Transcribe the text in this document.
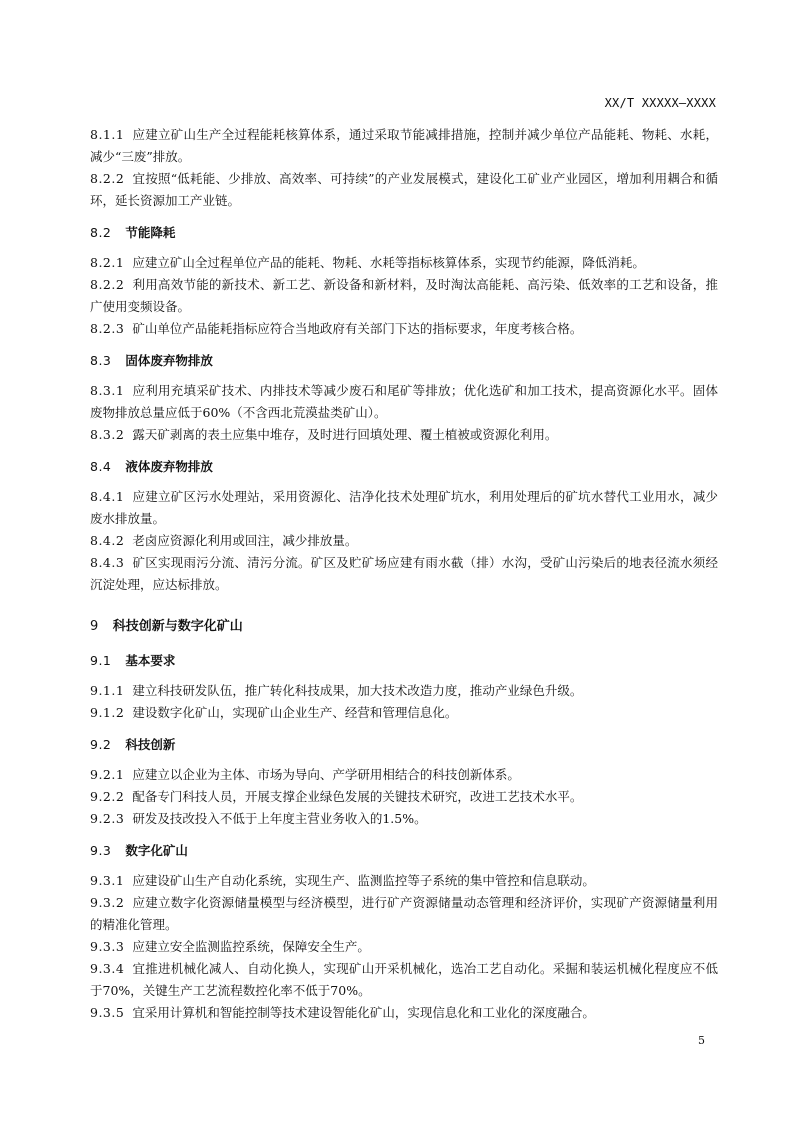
XX/T XXXXX—XXXX

8.1.1 应建立矿山生产全过程能耗核算体系，通过采取节能减排措施，控制并减少单位产品能耗、物耗、水耗，减少“三废”排放。

8.2.2 宜按照“低耗能、少排放、高效率、可持续”的产业发展模式，建设化工矿业产业园区，增加利用耦合和循环，延长资源加工产业链。

8.2 节能降耗

8.2.1 应建立矿山全过程单位产品的能耗、物耗、水耗等指标核算体系，实现节约能源，降低消耗。

8.2.2 利用高效节能的新技术、新工艺、新设备和新材料，及时淘汰高能耗、高污染、低效率的工艺和设备，推广使用变频设备。

8.2.3 矿山单位产品能耗指标应符合当地政府有关部门下达的指标要求，年度考核合格。

8.3 固体废弃物排放

8.3.1 应利用充填采矿技术、内排技术等减少废石和尾矿等排放；优化选矿和加工技术，提高资源化水平。固体废物排放总量应低于60%（不含西北荒漠盐类矿山）。

8.3.2 露天矿剥离的表土应集中堆存，及时进行回填处理、覆土植被或资源化利用。

8.4 液体废弃物排放

8.4.1 应建立矿区污水处理站，采用资源化、洁净化技术处理矿坑水，利用处理后的矿坑水替代工业用水，减少废水排放量。

8.4.2 老卤应资源化利用或回注，减少排放量。

8.4.3 矿区实现雨污分流、清污分流。矿区及贮矿场应建有雨水截（排）水沟，受矿山污染后的地表径流水须经沉淀处理，应达标排放。

9 科技创新与数字化矿山

9.1 基本要求

9.1.1 建立科技研发队伍，推广转化科技成果，加大技术改造力度，推动产业绿色升级。

9.1.2 建设数字化矿山，实现矿山企业生产、经营和管理信息化。

9.2 科技创新

9.2.1 应建立以企业为主体、市场为导向、产学研用相结合的科技创新体系。

9.2.2 配备专门科技人员，开展支撑企业绿色发展的关键技术研究，改进工艺技术水平。

9.2.3 研发及技改投入不低于上年度主营业务收入的1.5%。

9.3 数字化矿山

9.3.1 应建设矿山生产自动化系统，实现生产、监测监控等子系统的集中管控和信息联动。

9.3.2 应建立数字化资源储量模型与经济模型，进行矿产资源储量动态管理和经济评价，实现矿产资源储量利用的精准化管理。

9.3.3 应建立安全监测监控系统，保障安全生产。

9.3.4 宜推进机械化减人、自动化换人，实现矿山开采机械化，选冶工艺自动化。采掘和装运机械化程度应不低于70%，关键生产工艺流程数控化率不低于70%。

9.3.5 宜采用计算机和智能控制等技术建设智能化矿山，实现信息化和工业化的深度融合。

5
